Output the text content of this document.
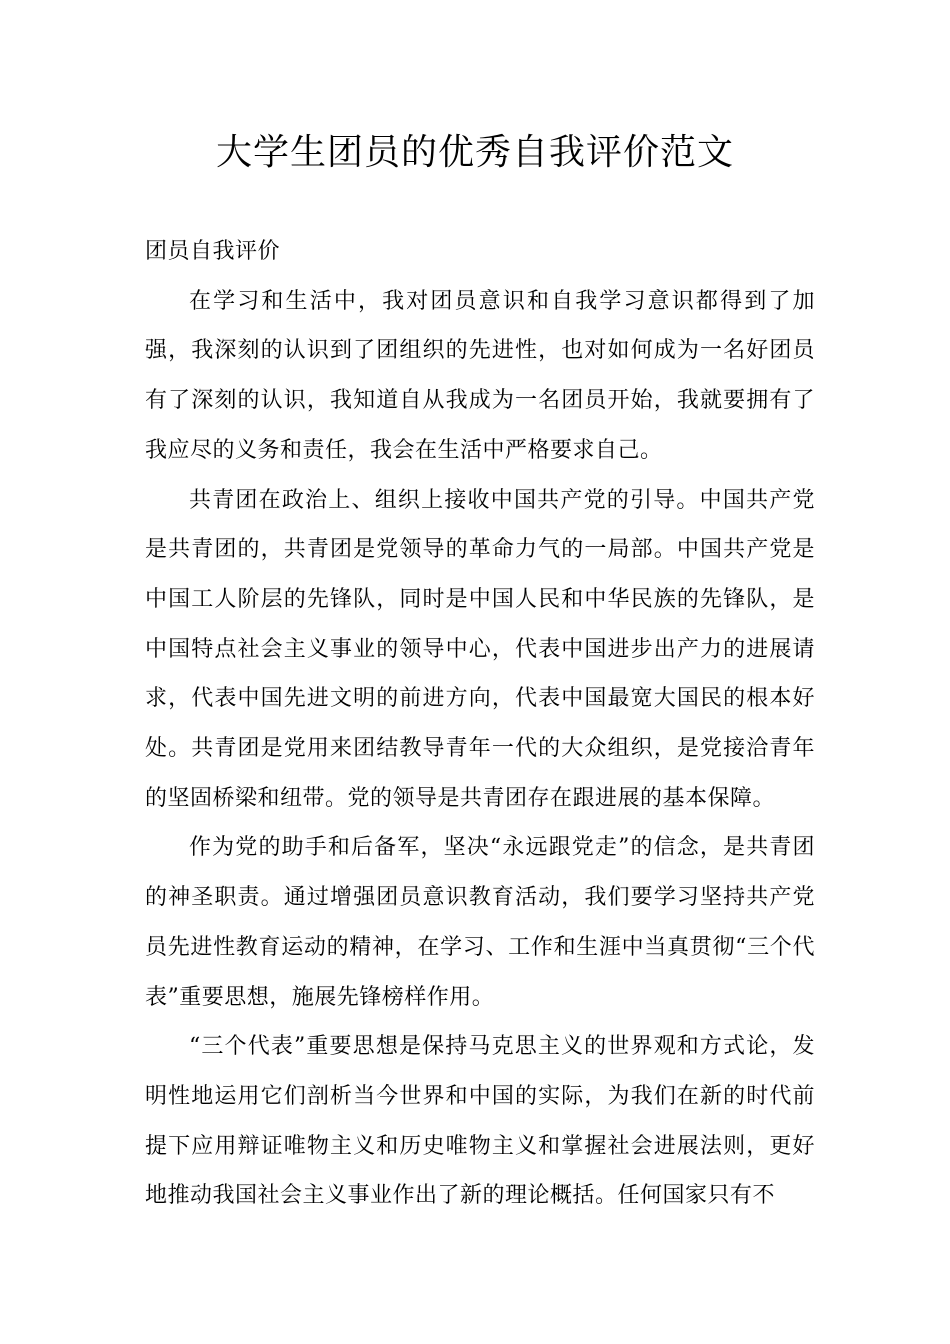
大学生团员的优秀自我评价范文

团员自我评价

在学习和生活中，我对团员意识和自我学习意识都得到了加强，我深刻的认识到了团组织的先进性，也对如何成为一名好团员有了深刻的认识，我知道自从我成为一名团员开始，我就要拥有了我应尽的义务和责任，我会在生活中严格要求自己。

共青团在政治上、组织上接收中国共产党的引导。中国共产党是共青团的，共青团是党领导的革命力气的一局部。中国共产党是中国工人阶层的先锋队，同时是中国人民和中华民族的先锋队，是中国特点社会主义事业的领导中心，代表中国进步出产力的进展请求，代表中国先进文明的前进方向，代表中国最宽大国民的根本好处。共青团是党用来团结教导青年一代的大众组织，是党接洽青年的坚固桥梁和纽带。党的领导是共青团存在跟进展的基本保障。

作为党的助手和后备军，坚决“永远跟党走”的信念，是共青团的神圣职责。通过增强团员意识教育活动，我们要学习坚持共产党员先进性教育运动的精神，在学习、工作和生涯中当真贯彻“三个代表”重要思想，施展先锋榜样作用。

“三个代表”重要思想是保持马克思主义的世界观和方式论，发明性地运用它们剖析当今世界和中国的实际，为我们在新的时代前提下应用辩证唯物主义和历史唯物主义和掌握社会进展法则，更好地推动我国社会主义事业作出了新的理论概括。任何国家只有不
